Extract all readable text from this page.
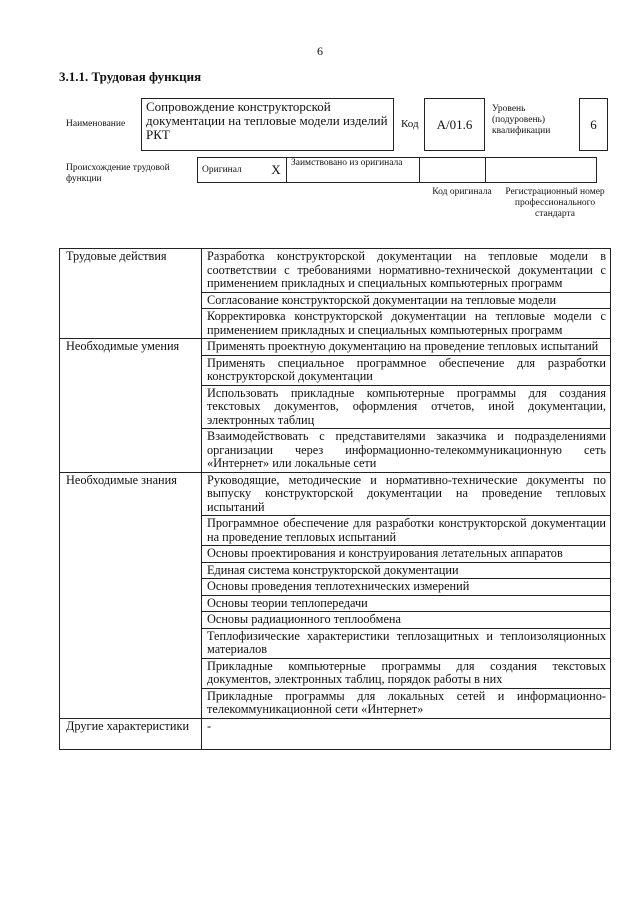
6
3.1.1. Трудовая функция
Наименование
Сопровождение конструкторской документации на тепловые модели изделий РКТ
Код	А/01.6
Уровень (подуровень) квалификации	6
Происхождение трудовой функции
Оригинал	X	Заимствовано из оригинала		
Код оригинала	Регистрационный номер профессионального стандарта
Трудовые действия	Разработка конструкторской документации на тепловые модели в соответствии с требованиями нормативно-технической документации с применением прикладных и специальных компьютерных программ
	Согласование конструкторской документации на тепловые модели
	Корректировка конструкторской документации на тепловые модели с применением прикладных и специальных компьютерных программ
Необходимые умения	Применять проектную документацию на проведение тепловых испытаний
	Применять специальное программное обеспечение для разработки конструкторской документации
	Использовать прикладные компьютерные программы для создания текстовых документов, оформления отчетов, иной документации, электронных таблиц
	Взаимодействовать с представителями заказчика и подразделениями организации через информационно-телекоммуникационную сеть «Интернет» или локальные сети
Необходимые знания	Руководящие, методические и нормативно-технические документы по выпуску конструкторской документации на проведение тепловых испытаний
	Программное обеспечение для разработки конструкторской документации на проведение тепловых испытаний
	Основы проектирования и конструирования летательных аппаратов
	Единая система конструкторской документации
	Основы проведения теплотехнических измерений
	Основы теории теплопередачи
	Основы радиационного теплообмена
	Теплофизические характеристики теплозащитных и теплоизоляционных материалов
	Прикладные компьютерные программы для создания текстовых документов, электронных таблиц, порядок работы в них
	Прикладные программы для локальных сетей и информационно-телекоммуникационной сети «Интернет»
Другие характеристики	-
